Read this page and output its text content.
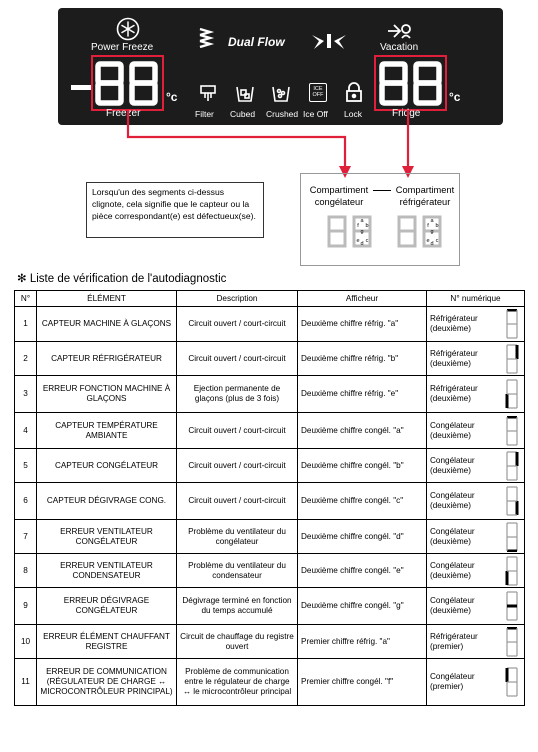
Power Freeze	Dual Flow	Vacation
°c
Freezer	Filter Cubed Crushed
ICE
OFF
Ice Off Lock
°c
Fridge
Lorsqu'un des segments ci-dessus clignote, cela signifie que le capteur ou la pièce correspondant(e) est défectueux(se).
Compartiment
congélateur
Compartiment
réfrigérateur
a
b
c
d
e
f
g
a
b
c
d
e
f
g
✻ Liste de vérification de l'autodiagnostic
N°	ÉLÉMENT	Description	Afficheur	N° numérique
1	CAPTEUR MACHINE À GLAÇONS	Circuit ouvert / court-circuit	Deuxième chiffre réfrig. "a"	Réfrigérateur (deuxième)

2	CAPTEUR RÉFRIGÉRATEUR	Circuit ouvert / court-circuit	Deuxième chiffre réfrig. "b"	Réfrigérateur (deuxième)

3	ERREUR FONCTION MACHINE À GLAÇONS	Ejection permanente de glaçons (plus de 3 fois)	Deuxième chiffre réfrig. "e"	Réfrigérateur (deuxième)

4	CAPTEUR TEMPÉRATURE AMBIANTE	Circuit ouvert / court-circuit	Deuxième chiffre congél. "a"	Congélateur (deuxième)

5	CAPTEUR CONGÉLATEUR	Circuit ouvert / court-circuit	Deuxième chiffre congél. "b"	Congélateur (deuxième)

6	CAPTEUR DÉGIVRAGE CONG.	Circuit ouvert / court-circuit	Deuxième chiffre congél. "c"	Congélateur (deuxième)

7	ERREUR VENTILATEUR CONGÉLATEUR	Problème du ventilateur du congélateur	Deuxième chiffre congél. "d"	Congélateur (deuxième)

8	ERREUR VENTILATEUR CONDENSATEUR	Problème du ventilateur du condensateur	Deuxième chiffre congél. "e"	Congélateur (deuxième)

9	ERREUR DÉGIVRAGE CONGÉLATEUR	Dégivrage terminé en fonction du temps accumulé	Deuxième chiffre congél. "g"	Congélateur (deuxième)

10	ERREUR ÉLÉMENT CHAUFFANT REGISTRE	Circuit de chauffage du registre ouvert	Premier chiffre réfrig. "a"	Réfrigérateur (premier)

11	ERREUR DE COMMUNICATION (RÉGULATEUR DE CHARGE ↔ MICROCONTRÔLEUR PRINCIPAL)	Problème de communication entre le régulateur de charge ↔ le microcontrôleur principal	Premier chiffre congél. "f"	Congélateur (premier)
